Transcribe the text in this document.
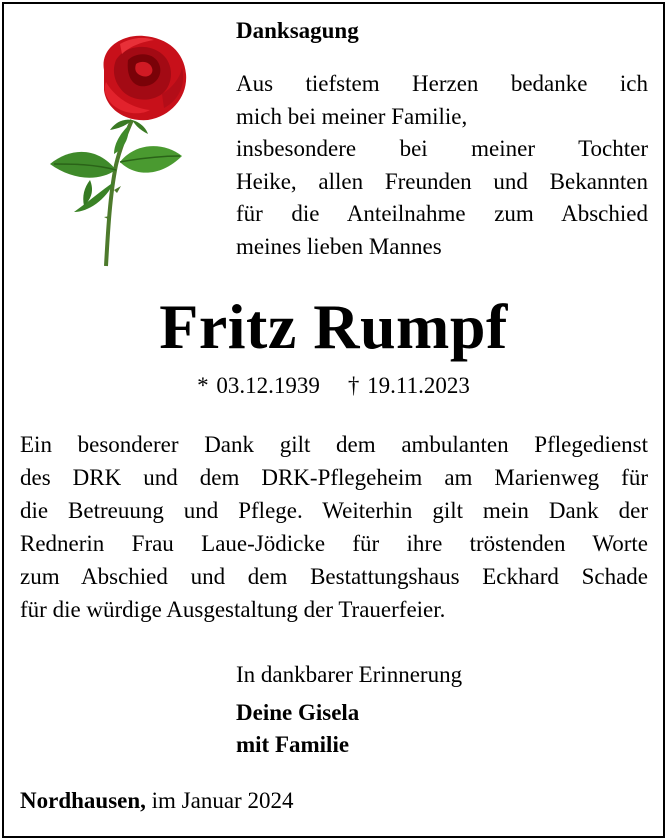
Danksagung
Aus tiefstem Herzen bedanke ich
mich bei meiner Familie,
insbesondere bei meiner Tochter
Heike, allen Freunden und Bekannten
für die Anteilnahme zum Abschied
meines lieben Mannes
Fritz Rumpf
* 03.12.1939 † 19.11.2023
Ein besonderer Dank gilt dem ambulanten Pflegedienst
des DRK und dem DRK-Pflegeheim am Marienweg für
die Betreuung und Pflege. Weiterhin gilt mein Dank der
Rednerin Frau Laue-Jödicke für ihre tröstenden Worte
zum Abschied und dem Bestattungshaus Eckhard Schade
für die würdige Ausgestaltung der Trauerfeier.
In dankbarer Erinnerung
Deine Gisela
mit Familie
Nordhausen, im Januar 2024
